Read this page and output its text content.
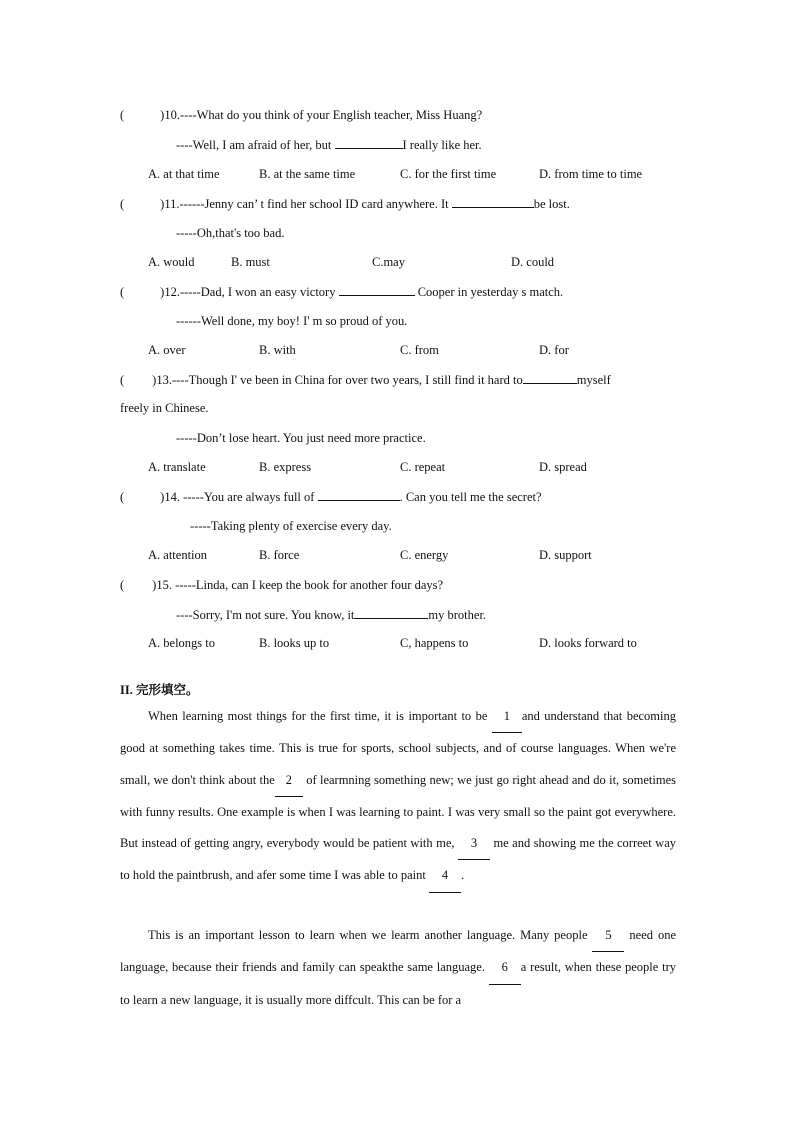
(	)10.----What do you think of your English teacher, Miss Huang?
----Well, I am afraid of her, but	I really like her.
A. at that time	B. at the same time	C. for the first time	D. from time to time
(	)11.------Jenny can’ t find her school ID card anywhere. It	be lost.
-----Oh,that's too bad.
A. would	B. must	C.may	D. could
(	)12.-----Dad, I won an easy victory	Cooper in yesterday s match.
------Well done, my boy! I' m so proud of you.
A. over	B. with	C. from	D. for
( )13.----Though I' ve been in China for over two years, I still find it hard to	myself
freely in Chinese.
-----Don’t lose heart. You just need more practice.
A. translate	B. express	C. repeat	D. spread
(	)14. -----You are always full of	. Can you tell me the secret?
-----Taking plenty of exercise every day.
A. attention	B. force	C. energy	D. support
( )15. -----Linda, can I keep the book for another four days?
----Sorry, I'm not sure. You know, it	my brother.
A. belongs to	B. looks up to	C, happens to	D. looks forward to
II. 完形填空。
When learning most things for the first time, it is important to be 1 and understand that becoming good at something takes time. This is true for sports, school subjects, and of course languages. When we're small, we don't think about the 2 of learmning something new; we just go right ahead and do it, sometimes with funny results. One example is when I was learning to paint. I was very small so the paint got everywhere. But instead of getting angry, everybody would be patient with me, 3 me and showing me the correet way to hold the paintbrush, and afer some time I was able to paint 4 .
This is an important lesson to learn when we learm another language. Many people 5 need one language, because their friends and family can speakthe same language. 6 a result, when these people try to learn a new language, it is usually more diffcult. This can be for a
